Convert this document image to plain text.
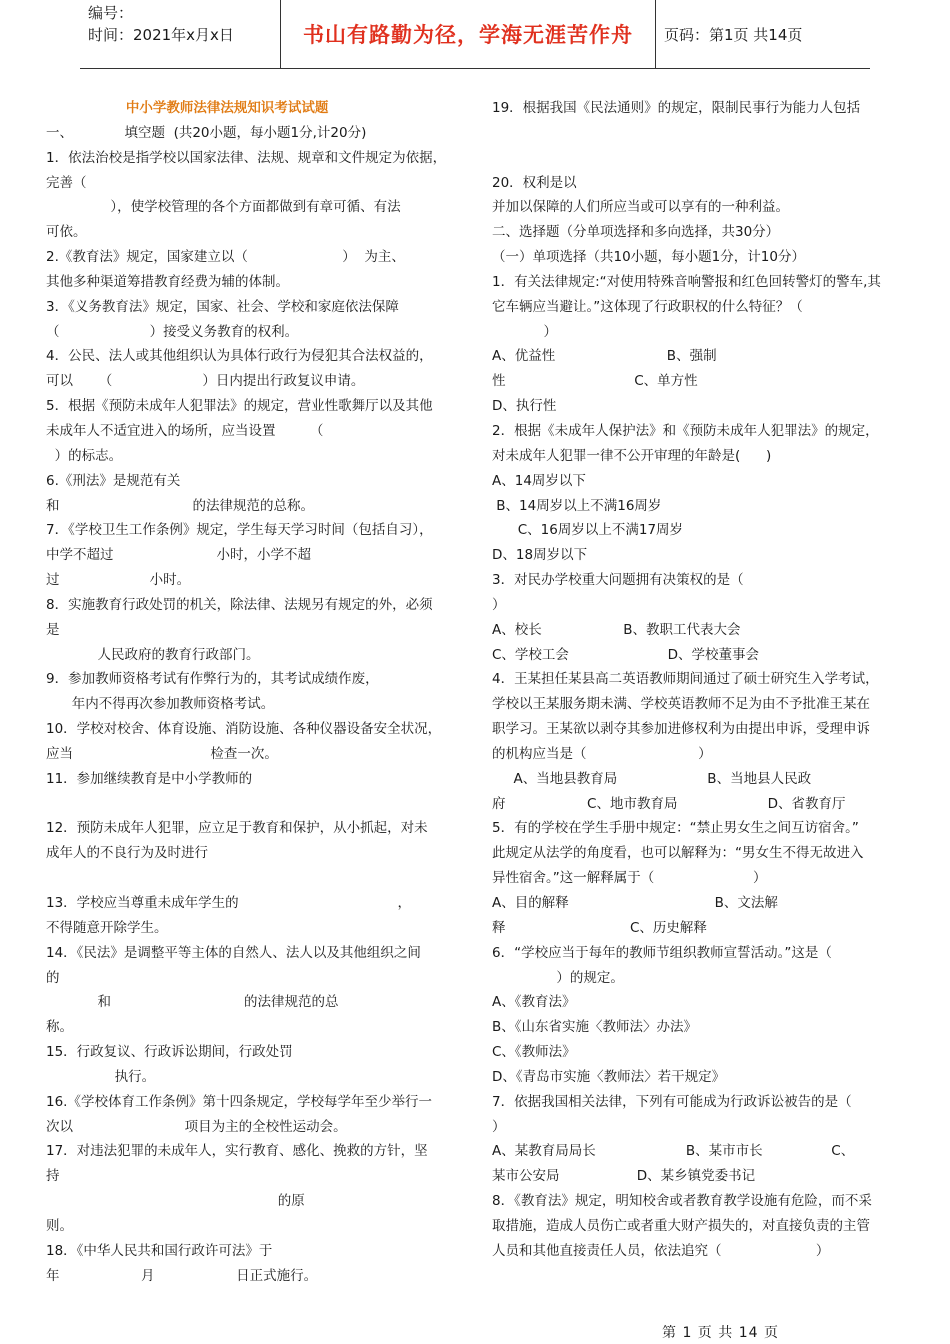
编号：
时间：2021年x月x日	书山有路勤为径，学海无涯苦作舟	页码：第1页 共14页
中小学教师法律法规知识考试试题
一、            填空题  (共20小题，每小题1分,计20分)
1．依法治校是指学校以国家法律、法规、规章和文件规定为依据，
完善（
），使学校管理的各个方面都做到有章可循、有法
可依。
2.《教育法》规定，国家建立以（                      ）  为主、
其他多种渠道筹措教育经费为辅的体制。
3．《义务教育法》规定，国家、社会、学校和家庭依法保障
（                     ）接受义务教育的权利。
4．公民、法人或其他组织认为具体行政行为侵犯其合法权益的，
可以      （                     ）日内提出行政复议申请。
5．根据《预防未成年人犯罪法》的规定，营业性歌舞厅以及其他
未成年人不适宜进入的场所，应当设置        （
）的标志。
6.《刑法》是规范有关
和                               的法律规范的总称。
7．《学校卫生工作条例》规定，学生每天学习时间（包括自习），
中学不超过                        小时，小学不超
过                     小时。
8．实施教育行政处罚的机关，除法律、法规另有规定的外，必须
是
人民政府的教育行政部门。
9．参加教师资格考试有作弊行为的，其考试成绩作废，
年内不得再次参加教师资格考试。
10．学校对校舍、体育设施、消防设施、各种仪器设备安全状况，
应当                                检查一次。
11．参加继续教育是中小学教师的
12．预防未成年人犯罪，应立足于教育和保护，从小抓起，对未
成年人的不良行为及时进行
13．学校应当尊重未成年学生的                                     ，
不得随意开除学生。
14．《民法》是调整平等主体的自然人、法人以及其他组织之间
的
和                               的法律规范的总
称。
15．行政复议、行政诉讼期间，行政处罚
执行。
16.《学校体育工作条例》第十四条规定，学校每学年至少举行一
次以                          项目为主的全校性运动会。
17．对违法犯罪的未成年人，实行教育、感化、挽救的方针，坚
持
的原
则。
18．《中华人民共和国行政许可法》于
年                   月                   日正式施行。
19．根据我国《民法通则》的规定，限制民事行为能力人包括
20．权利是以
并加以保障的人们所应当或可以享有的一种利益。
二、选择题（分单项选择和多向选择，共30分）
（一）单项选择（共10小题，每小题1分，计10分）
1．有关法律规定:“对使用特殊音响警报和红色回转警灯的警车,其
它车辆应当避让。”这体现了行政职权的什么特征？（
）
A、优益性                          B、强制
性                              C、单方性
D、执行性
2．根据《未成年人保护法》和《预防未成年人犯罪法》的规定，
对未成年人犯罪一律不公开审理的年龄是(      )
A、14周岁以下
B、14周岁以上不满16周岁
C、16周岁以上不满17周岁
D、18周岁以下
3．对民办学校重大问题拥有决策权的是（
）
A、校长                   B、教职工代表大会
C、学校工会                       D、学校董事会
4．王某担任某县高二英语教师期间通过了硕士研究生入学考试，
学校以王某服务期未满、学校英语教师不足为由不予批准王某在
职学习。王某欲以剥夺其参加进修权利为由提出申诉，受理申诉
的机构应当是（                          ）
A、当地县教育局                     B、当地县人民政
府                   C、地市教育局                     D、省教育厅
5．有的学校在学生手册中规定：“禁止男女生之间互访宿舍。”
此规定从法学的角度看，也可以解释为：“男女生不得无故进入
异性宿舍。”这一解释属于（                       ）
A、目的解释                                  B、文法解
释                             C、历史解释
6．“学校应当于每年的教师节组织教师宣誓活动。”这是（
）的规定。
A、《教育法》
B、《山东省实施〈教师法〉办法》
C、《教师法》
D、《青岛市实施〈教师法〉若干规定》
7．依据我国相关法律，下列有可能成为行政诉讼被告的是（
）
A、某教育局局长                     B、某市市长                C、
某市公安局                  D、某乡镇党委书记
8．《教育法》规定，明知校舍或者教育教学设施有危险，而不采
取措施，造成人员伤亡或者重大财产损失的，对直接负责的主管
人员和其他直接责任人员，依法追究（                      ）
第 1 页 共 14 页
